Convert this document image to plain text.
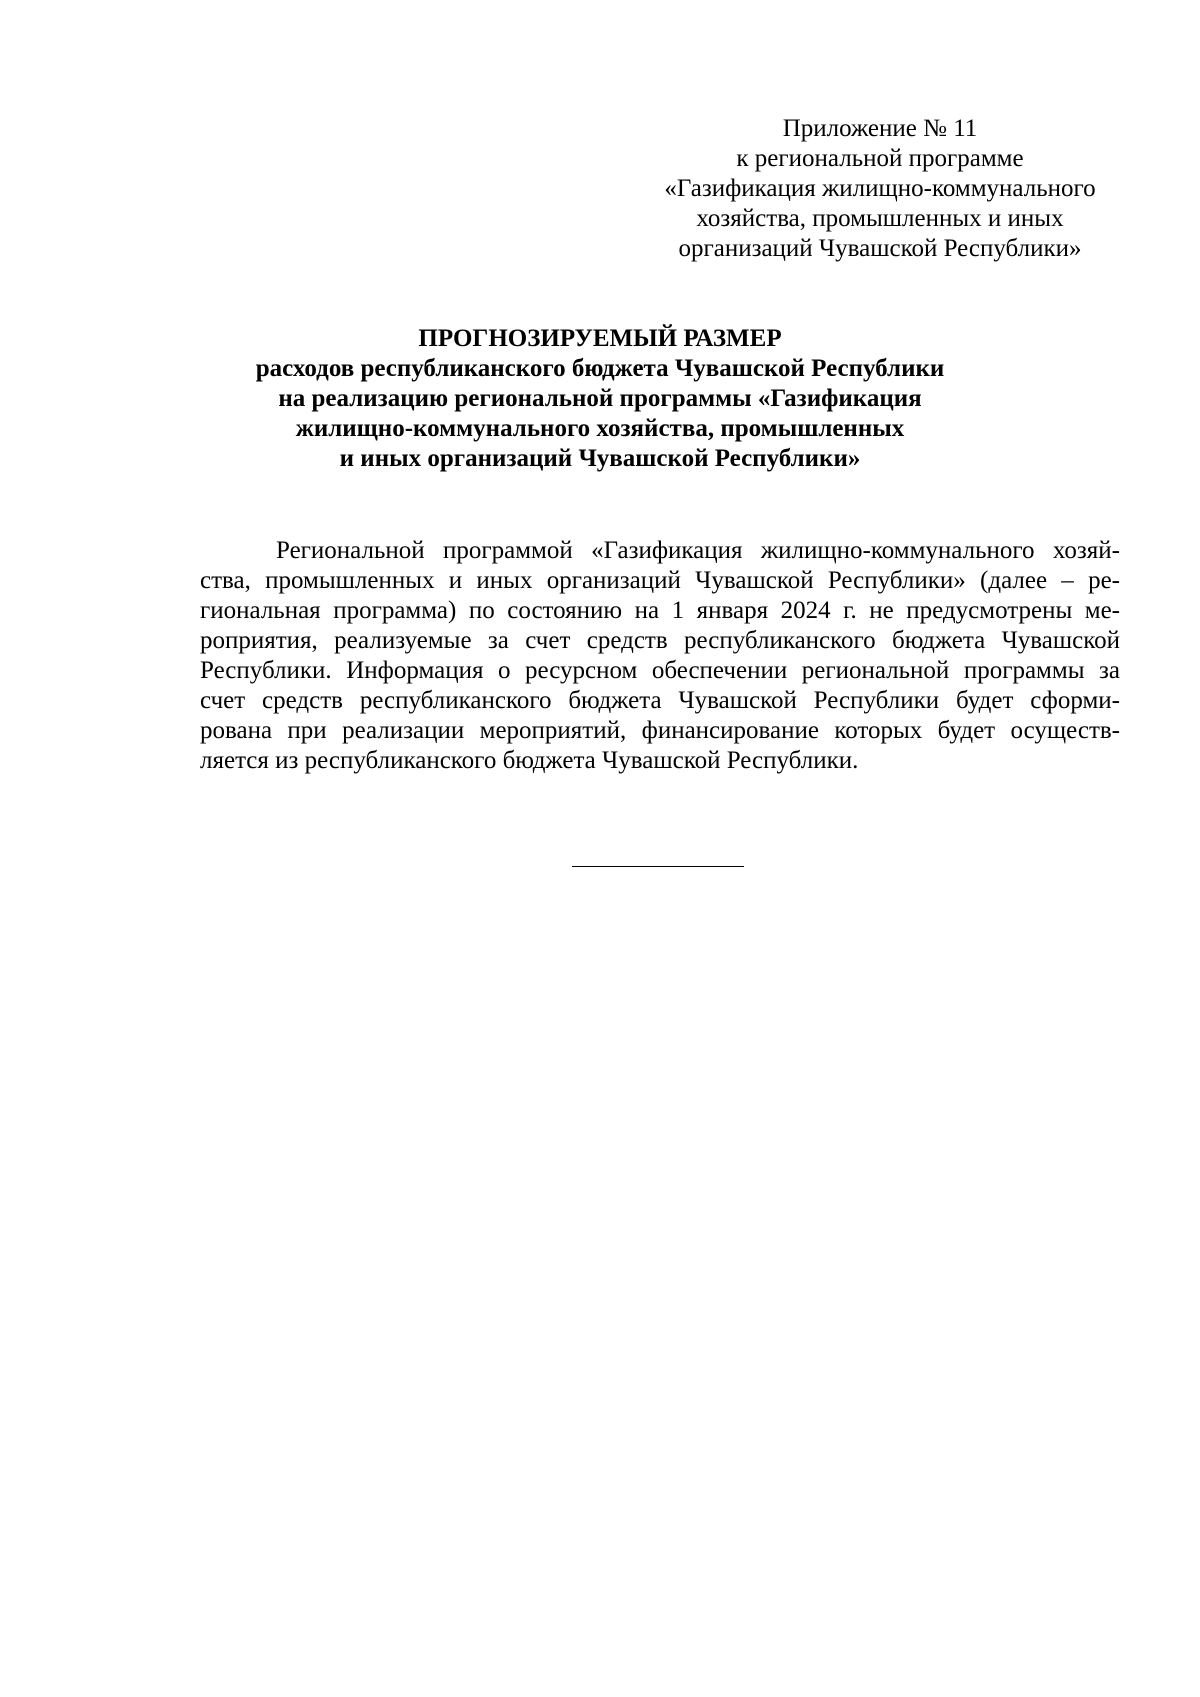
Приложение № 11
к региональной программе
«Газификация жилищно-коммунального
хозяйства, промышленных и иных
организаций Чувашской Республики»
ПРОГНОЗИРУЕМЫЙ РАЗМЕР
расходов республиканского бюджета Чувашской Республики
на реализацию региональной программы «Газификация
жилищно-коммунального хозяйства, промышленных
и иных организаций Чувашской Республики»
Региональной программой «Газификация жилищно-коммунального хозяй-
ства, промышленных и иных организаций Чувашской Республики» (далее – ре-
гиональная программа) по состоянию на 1 января 2024 г. не предусмотрены ме-
роприятия, реализуемые за счет средств республиканского бюджета Чувашской
Республики. Информация о ресурсном обеспечении региональной программы за
счет средств республиканского бюджета Чувашской Республики будет сформи-
рована при реализации мероприятий, финансирование которых будет осуществ-
ляется из республиканского бюджета Чувашской Республики.
